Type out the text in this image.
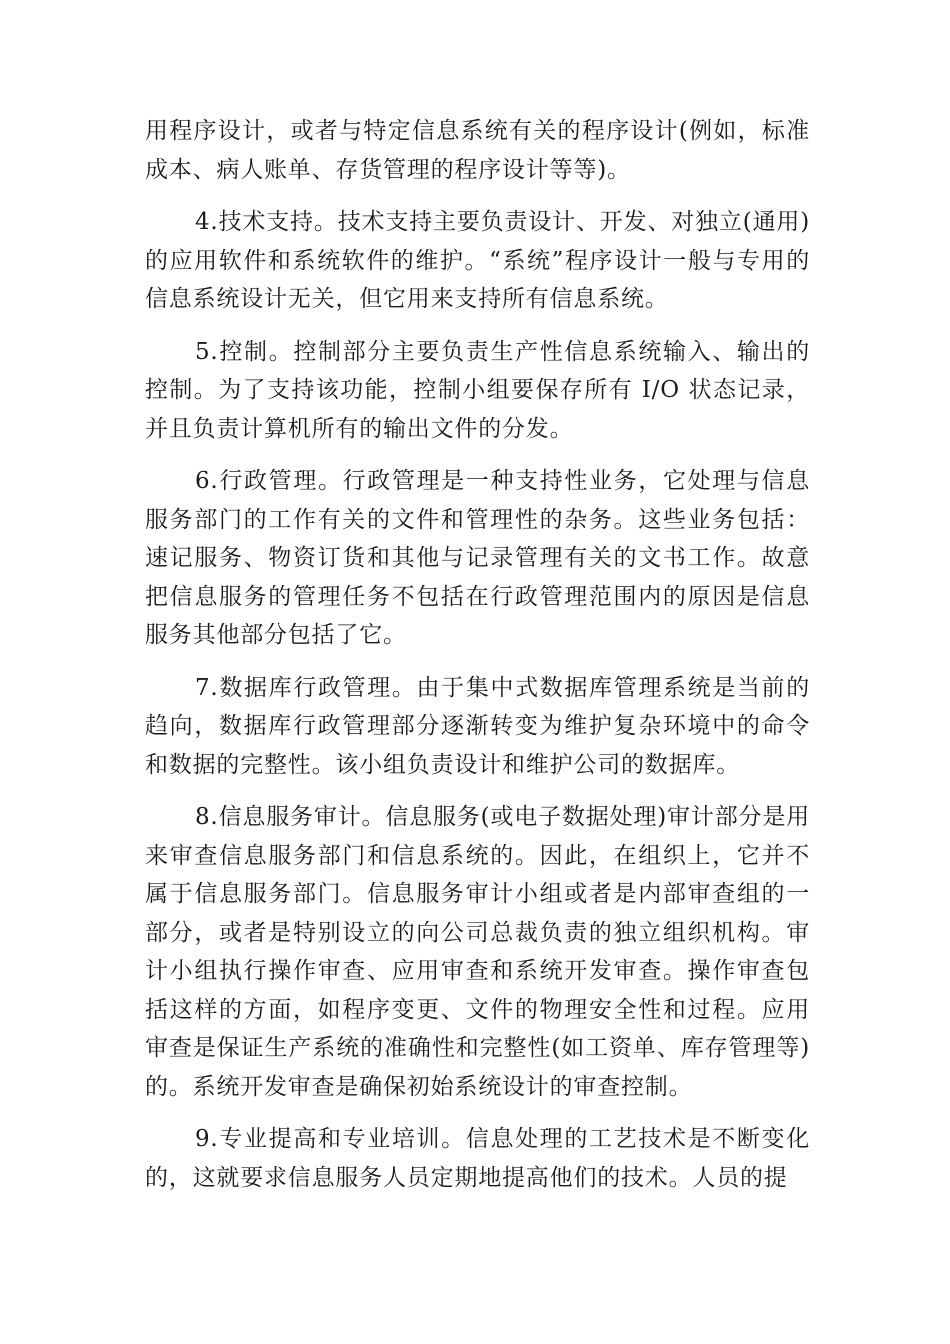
用程序设计，或者与特定信息系统有关的程序设计(例如，标准成本、病人账单、存货管理的程序设计等等)。

4.技术支持。技术支持主要负责设计、开发、对独立(通用)的应用软件和系统软件的维护。“系统”程序设计一般与专用的信息系统设计无关，但它用来支持所有信息系统。

5.控制。控制部分主要负责生产性信息系统输入、输出的控制。为了支持该功能，控制小组要保存所有 I/O 状态记录，并且负责计算机所有的输出文件的分发。

6.行政管理。行政管理是一种支持性业务，它处理与信息服务部门的工作有关的文件和管理性的杂务。这些业务包括：速记服务、物资订货和其他与记录管理有关的文书工作。故意把信息服务的管理任务不包括在行政管理范围内的原因是信息服务其他部分包括了它。

7.数据库行政管理。由于集中式数据库管理系统是当前的趋向，数据库行政管理部分逐渐转变为维护复杂环境中的命令和数据的完整性。该小组负责设计和维护公司的数据库。

8.信息服务审计。信息服务(或电子数据处理)审计部分是用来审查信息服务部门和信息系统的。因此，在组织上，它并不属于信息服务部门。信息服务审计小组或者是内部审查组的一部分，或者是特别设立的向公司总裁负责的独立组织机构。审计小组执行操作审查、应用审查和系统开发审查。操作审查包括这样的方面，如程序变更、文件的物理安全性和过程。应用审查是保证生产系统的准确性和完整性(如工资单、库存管理等)的。系统开发审查是确保初始系统设计的审查控制。

9.专业提高和专业培训。信息处理的工艺技术是不断变化的，这就要求信息服务人员定期地提高他们的技术。人员的提
